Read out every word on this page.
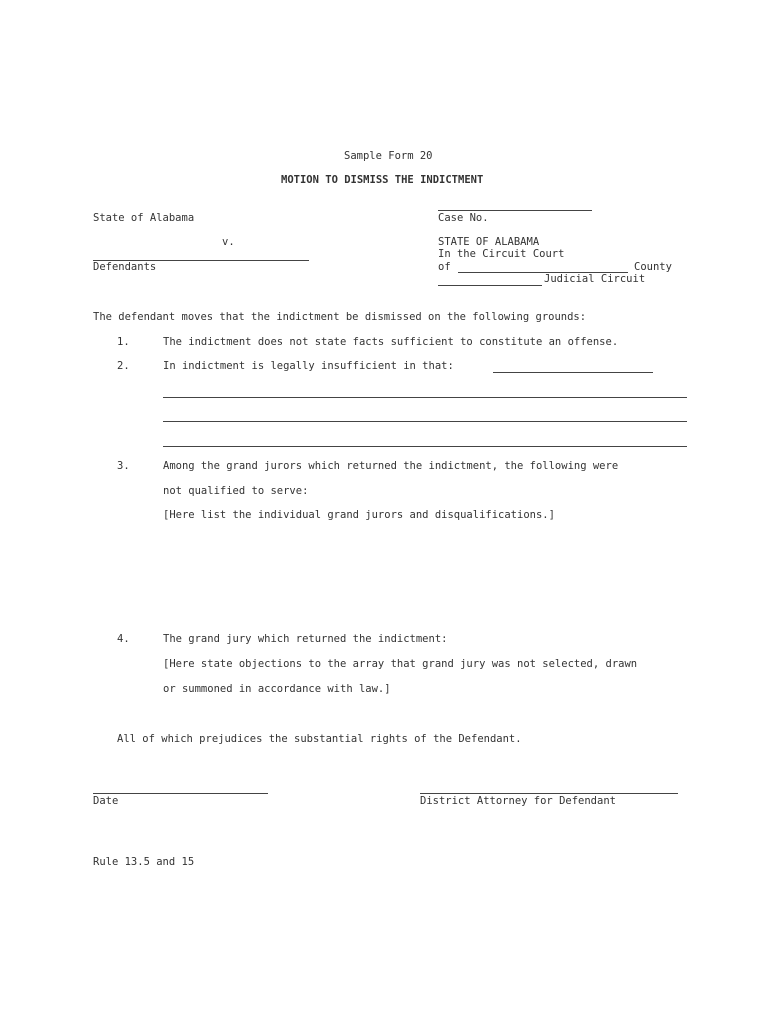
Sample Form 20
MOTION TO DISMISS THE INDICTMENT
State of Alabama
v.
Defendants
Case No.
STATE OF ALABAMA
In the Circuit Court
of	County
Judicial Circuit
The defendant moves that the indictment be dismissed on the following grounds:
1.	The indictment does not state facts sufficient to constitute an offense.
2.	In indictment is legally insufficient in that:
3.	Among the grand jurors which returned the indictment, the following were
not qualified to serve:
[Here list the individual grand jurors and disqualifications.]
4.	The grand jury which returned the indictment:
[Here state objections to the array that grand jury was not selected, drawn
or summoned in accordance with law.]
All of which prejudices the substantial rights of the Defendant.
Date	District Attorney for Defendant
Rule 13.5 and 15
